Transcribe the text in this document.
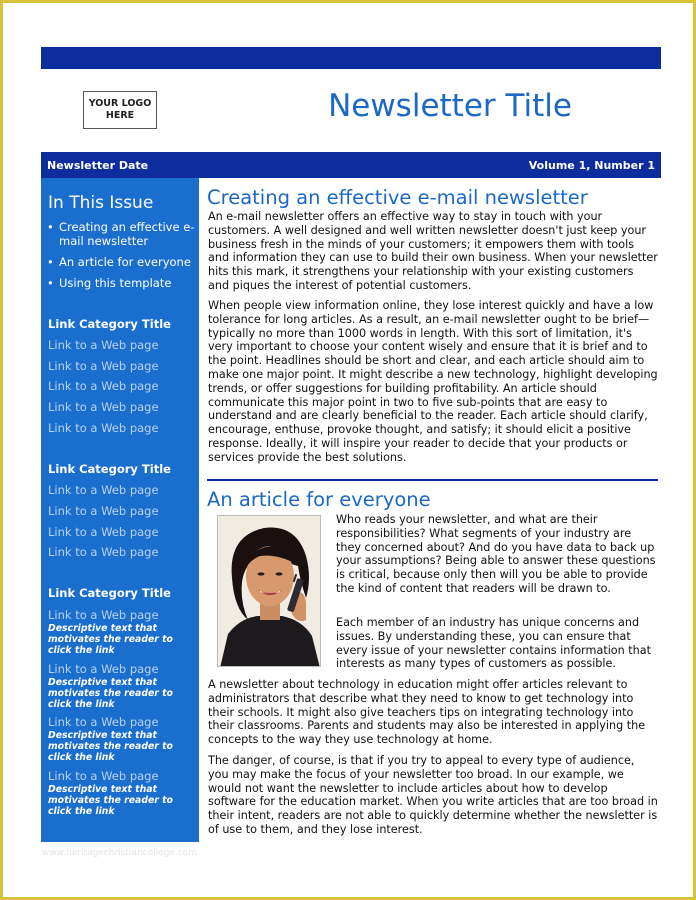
YOUR LOGO
HERE	Newsletter Title
Newsletter Date	Volume 1, Number 1
In This Issue
• Creating an effective e-mail newsletter
• An article for everyone
• Using this template
Link Category Title
Link to a Web page
Link to a Web page
Link to a Web page
Link to a Web page
Link to a Web page
Link Category Title
Link to a Web page
Link to a Web page
Link to a Web page
Link to a Web page
Link Category Title
Link to a Web page
Descriptive text that motivates the reader to click the link
Link to a Web page
Descriptive text that motivates the reader to click the link
Link to a Web page
Descriptive text that motivates the reader to click the link
Link to a Web page
Descriptive text that motivates the reader to click the link
Creating an effective e-mail newsletter
An e-mail newsletter offers an effective way to stay in touch with your customers. A well designed and well written newsletter doesn't just keep your business fresh in the minds of your customers; it empowers them with tools and information they can use to build their own business. When your newsletter hits this mark, it strengthens your relationship with your existing customers and piques the interest of potential customers.
When people view information online, they lose interest quickly and have a low tolerance for long articles. As a result, an e-mail newsletter ought to be brief—typically no more than 1000 words in length. With this sort of limitation, it's very important to choose your content wisely and ensure that it is brief and to the point. Headlines should be short and clear, and each article should aim to make one major point. It might describe a new technology, highlight developing trends, or offer suggestions for building profitability. An article should communicate this major point in two to five sub-points that are easy to understand and are clearly beneficial to the reader. Each article should clarify, encourage, enthuse, provoke thought, and satisfy; it should elicit a positive response. Ideally, it will inspire your reader to decide that your products or services provide the best solutions.
An article for everyone
Who reads your newsletter, and what are their responsibilities? What segments of your industry are they concerned about? And do you have data to back up your assumptions? Being able to answer these questions is critical, because only then will you be able to provide the kind of content that readers will be drawn to.
Each member of an industry has unique concerns and issues. By understanding these, you can ensure that every issue of your newsletter contains information that interests as many types of customers as possible.
A newsletter about technology in education might offer articles relevant to administrators that describe what they need to know to get technology into their schools. It might also give teachers tips on integrating technology into their classrooms. Parents and students may also be interested in applying the concepts to the way they use technology at home.
The danger, of course, is that if you try to appeal to every type of audience, you may make the focus of your newsletter too broad. In our example, we would not want the newsletter to include articles about how to develop software for the education market. When you write articles that are too broad in their intent, readers are not able to quickly determine whether the newsletter is of use to them, and they lose interest.
www.heritagechristiancollege.com
